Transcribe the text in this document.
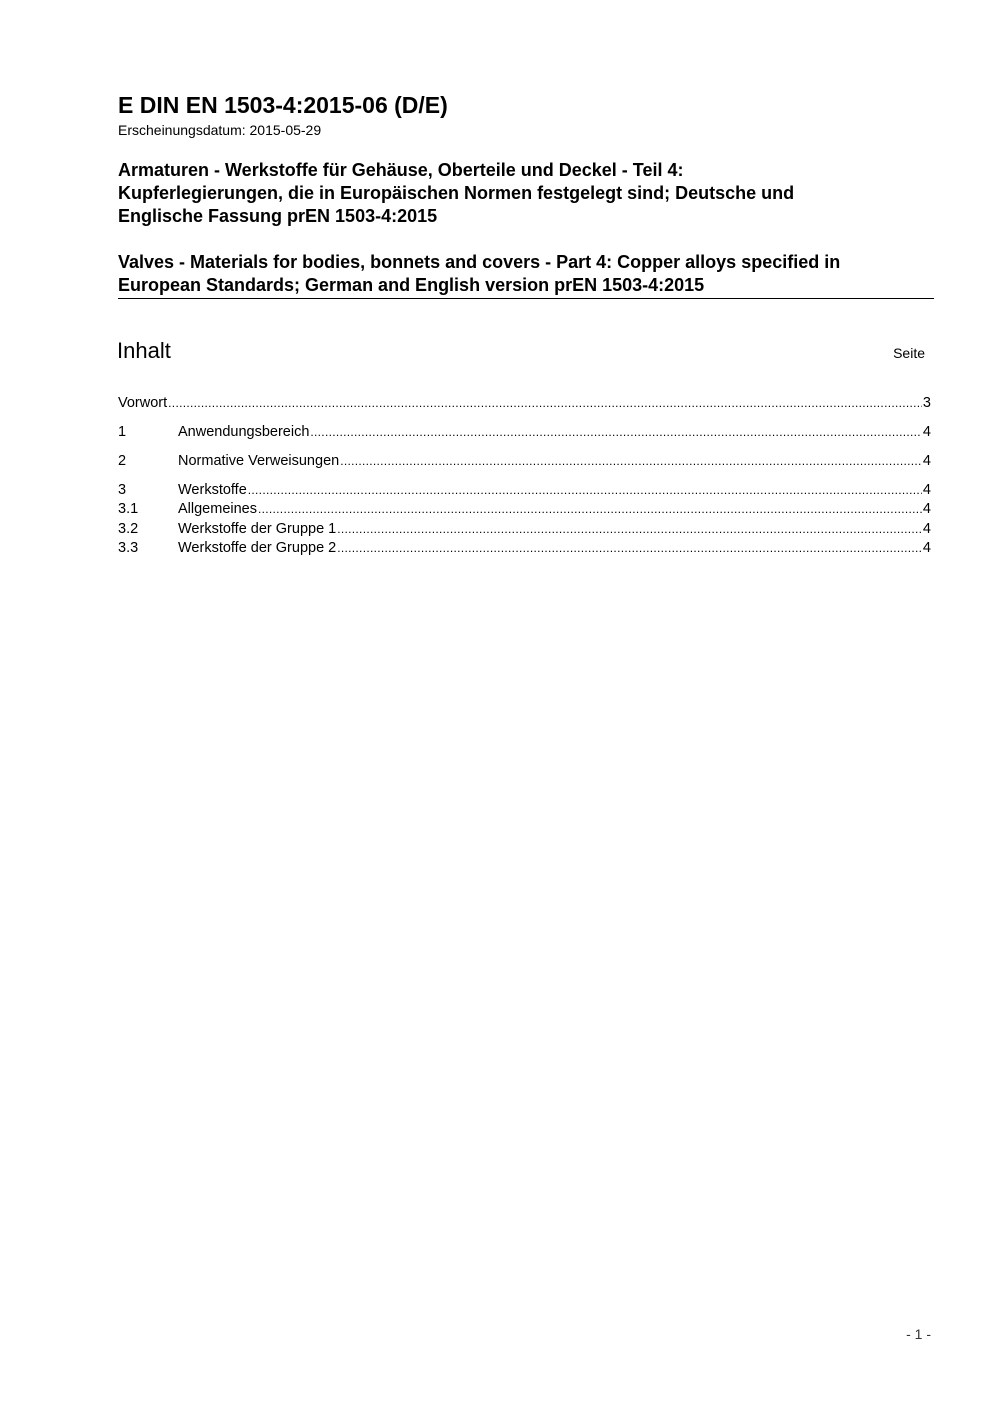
E DIN EN 1503-4:2015-06 (D/E)
Erscheinungsdatum: 2015-05-29
Armaturen - Werkstoffe für Gehäuse, Oberteile und Deckel - Teil 4:
Kupferlegierungen, die in Europäischen Normen festgelegt sind; Deutsche und
Englische Fassung prEN 1503-4:2015
Valves - Materials for bodies, bonnets and covers - Part 4: Copper alloys specified in
European Standards; German and English version prEN 1503-4:2015
Inhalt	Seite
Vorwort .....	3
1	Anwendungsbereich .....	4
2	Normative Verweisungen .....	4
3	Werkstoffe .....	4
3.1	Allgemeines .....	4
3.2	Werkstoffe der Gruppe 1 .....	4
3.3	Werkstoffe der Gruppe 2 .....	4
- 1 -
